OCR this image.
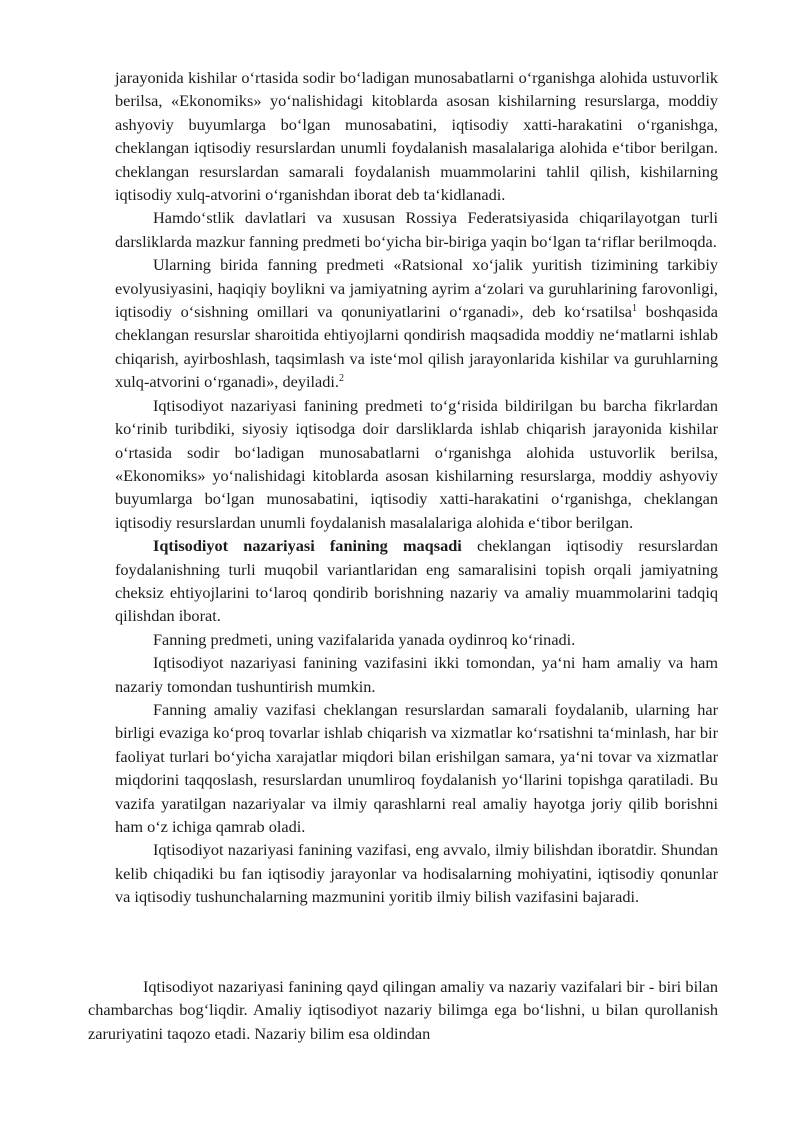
jarayonida kishilar o‘rtasida sodir bo‘ladigan munosabatlarni o‘rganishga alohida ustuvorlik berilsa, «Ekonomiks» yo‘nalishidagi kitoblarda asosan kishilarning resurslarga, moddiy ashyoviy buyumlarga bo‘lgan munosabatini, iqtisodiy xatti-harakatini o‘rganishga, cheklangan iqtisodiy resurslardan unumli foydalanish masalalariga alohida e‘tibor berilgan. cheklangan resurslardan samarali foydalanish muammolarini tahlil qilish, kishilarning iqtisodiy xulq-atvorini o‘rganishdan iborat deb ta‘kidlanadi.

Hamdo‘stlik davlatlari va xususan Rossiya Federatsiyasida chiqarilayotgan turli darsliklarda mazkur fanning predmeti bo‘yicha bir-biriga yaqin bo‘lgan ta‘riflar berilmoqda.

Ularning birida fanning predmeti «Ratsional xo‘jalik yuritish tizimining tarkibiy evolyusiyasini, haqiqiy boylikni va jamiyatning ayrim a‘zolari va guruhlarining farovonligi, iqtisodiy o‘sishning omillari va qonuniyatlarini o‘rganadi», deb ko‘rsatilsa$^1$ boshqasida cheklangan resurslar sharoitida ehtiyojlarni qondirish maqsadida moddiy ne‘matlarni ishlab chiqarish, ayirboshlash, taqsimlash va iste‘mol qilish jarayonlarida kishilar va guruhlarning xulq-atvorini o‘rganadi», deyiladi.$^2$

Iqtisodiyot nazariyasi fanining predmeti to‘g‘risida bildirilgan bu barcha fikrlardan ko‘rinib turibdiki, siyosiy iqtisodga doir darsliklarda ishlab chiqarish jarayonida kishilar o‘rtasida sodir bo‘ladigan munosabatlarni o‘rganishga alohida ustuvorlik berilsa, «Ekonomiks» yo‘nalishidagi kitoblarda asosan kishilarning resurslarga, moddiy ashyoviy buyumlarga bo‘lgan munosabatini, iqtisodiy xatti-harakatini o‘rganishga, cheklangan iqtisodiy resurslardan unumli foydalanish masalalariga alohida e‘tibor berilgan.

Iqtisodiyot nazariyasi fanining maqsadi cheklangan iqtisodiy resurslardan foydalanishning turli muqobil variantlaridan eng samaralisini topish orqali jamiyatning cheksiz ehtiyojlarini to‘laroq qondirib borishning nazariy va amaliy muammolarini tadqiq qilishdan iborat.

Fanning predmeti, uning vazifalarida yanada oydinroq ko‘rinadi.

Iqtisodiyot nazariyasi fanining vazifasini ikki tomondan, ya‘ni ham amaliy va ham nazariy tomondan tushuntirish mumkin.

Fanning amaliy vazifasi cheklangan resurslardan samarali foydalanib, ularning har birligi evaziga ko‘proq tovarlar ishlab chiqarish va xizmatlar ko‘rsatishni ta‘minlash, har bir faoliyat turlari bo‘yicha xarajatlar miqdori bilan erishilgan samara, ya‘ni tovar va xizmatlar miqdorini taqqoslash, resurslardan unumliroq foydalanish yo‘llarini topishga qaratiladi. Bu vazifa yaratilgan nazariyalar va ilmiy qarashlarni real amaliy hayotga joriy qilib borishni ham o‘z ichiga qamrab oladi.

Iqtisodiyot nazariyasi fanining vazifasi, eng avvalo, ilmiy bilishdan iboratdir. Shundan kelib chiqadiki bu fan iqtisodiy jarayonlar va hodisalarning mohiyatini, iqtisodiy qonunlar va iqtisodiy tushunchalarning mazmunini yoritib ilmiy bilish vazifasini bajaradi.

Iqtisodiyot nazariyasi fanining qayd qilingan amaliy va nazariy vazifalari bir - biri bilan chambarchas bog‘liqdir. Amaliy iqtisodiyot nazariy bilimga ega bo‘lishni, u bilan qurollanish zaruriyatini taqozo etadi. Nazariy bilim esa oldindan
